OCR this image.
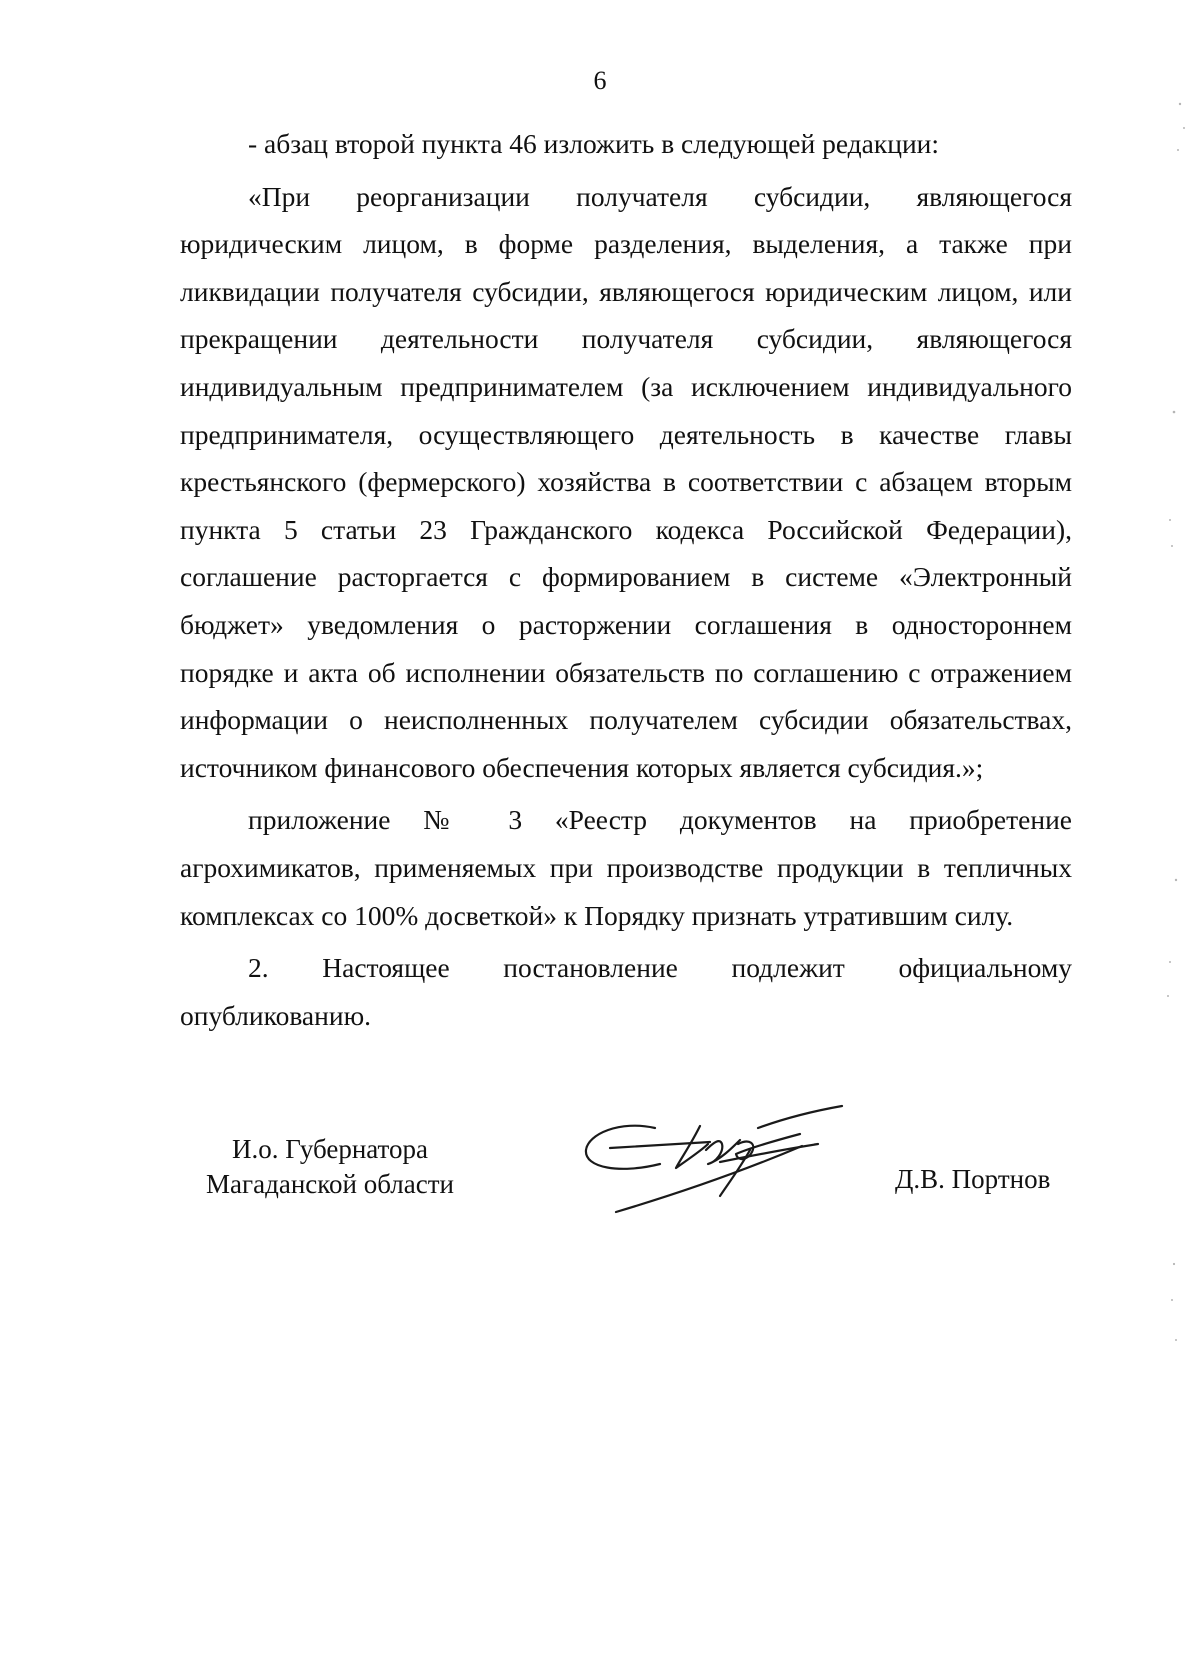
6

- абзац второй пункта 46 изложить в следующей редакции:

«При реорганизации получателя субсидии, являющегося юридическим лицом, в форме разделения, выделения, а также при ликвидации получателя субсидии, являющегося юридическим лицом, или прекращении деятельности получателя субсидии, являющегося индивидуальным предпринимателем (за исключением индивидуального предпринимателя, осуществляющего деятельность в качестве главы крестьянского (фермерского) хозяйства в соответствии с абзацем вторым пункта 5 статьи 23 Гражданского кодекса Российской Федерации), соглашение расторгается с формированием в системе «Электронный бюджет» уведомления о расторжении соглашения в одностороннем порядке и акта об исполнении обязательств по соглашению с отражением информации о неисполненных получателем субсидии обязательствах, источником финансового обеспечения которых является субсидия.»;

приложение № 3 «Реестр документов на приобретение агрохимикатов, применяемых при производстве продукции в тепличных комплексах со 100% досветкой» к Порядку признать утратившим силу.

2. Настоящее постановление подлежит официальному опубликованию.

И.о. Губернатора
Магаданской области	Д.В. Портнов
